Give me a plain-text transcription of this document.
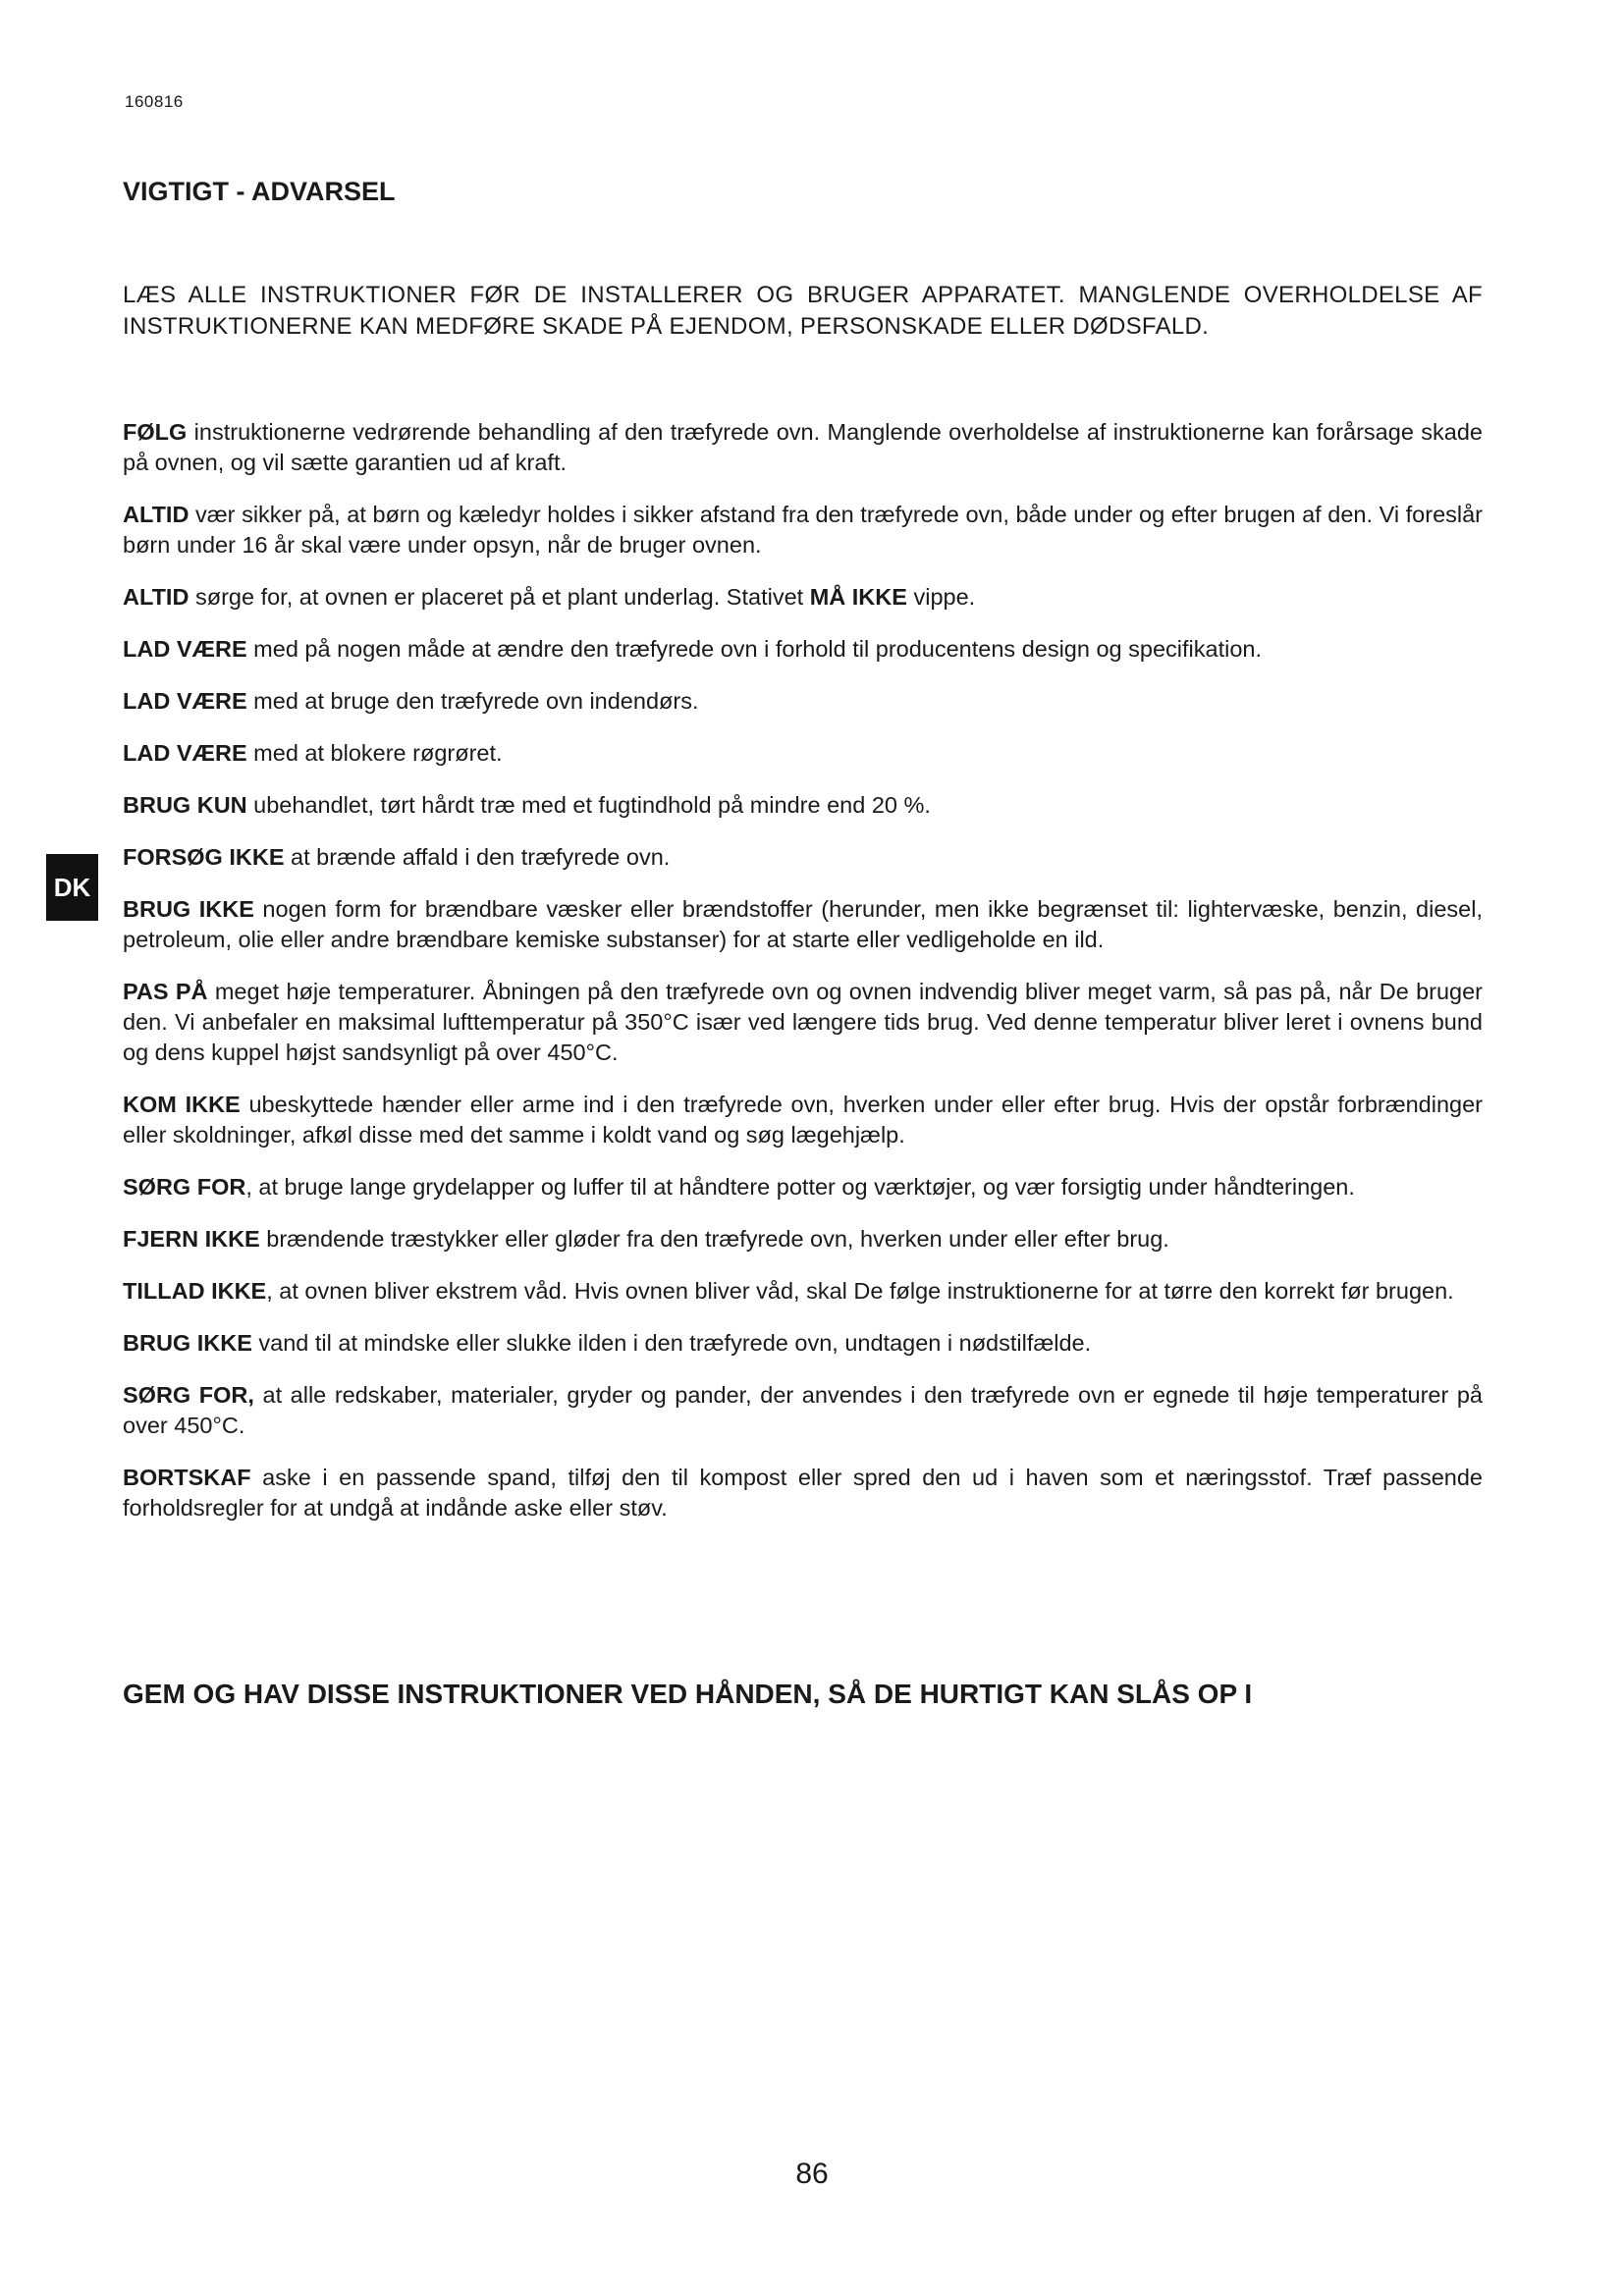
160816
VIGTIGT - ADVARSEL

LÆS ALLE INSTRUKTIONER FØR DE INSTALLERER OG BRUGER APPARATET. MANGLENDE OVERHOLDELSE AF INSTRUKTIONERNE KAN MEDFØRE SKADE PÅ EJENDOM, PERSONSKADE ELLER DØDSFALD.

DK
FØLG instruktionerne vedrørende behandling af den træfyrede ovn. Manglende overholdelse af instruktionerne kan forårsage skade på ovnen, og vil sætte garantien ud af kraft.
ALTID vær sikker på, at børn og kæledyr holdes i sikker afstand fra den træfyrede ovn, både under og efter brugen af den. Vi foreslår børn under 16 år skal være under opsyn, når de bruger ovnen.
ALTID sørge for, at ovnen er placeret på et plant underlag. Stativet MÅ IKKE vippe.
LAD VÆRE med på nogen måde at ændre den træfyrede ovn i forhold til producentens design og specifikation.
LAD VÆRE med at bruge den træfyrede ovn indendørs.
LAD VÆRE med at blokere røgrøret.
BRUG KUN ubehandlet, tørt hårdt træ med et fugtindhold på mindre end 20 %.
FORSØG IKKE at brænde affald i den træfyrede ovn.
BRUG IKKE nogen form for brændbare væsker eller brændstoffer (herunder, men ikke begrænset til: lightervæske, benzin, diesel, petroleum, olie eller andre brændbare kemiske substanser) for at starte eller vedligeholde en ild.
PAS PÅ meget høje temperaturer. Åbningen på den træfyrede ovn og ovnen indvendig bliver meget varm, så pas på, når De bruger den. Vi anbefaler en maksimal lufttemperatur på 350°C især ved længere tids brug. Ved denne temperatur bliver leret i ovnens bund og dens kuppel højst sandsynligt på over 450°C.
KOM IKKE ubeskyttede hænder eller arme ind i den træfyrede ovn, hverken under eller efter brug. Hvis der opstår forbrændinger eller skoldninger, afkøl disse med det samme i koldt vand og søg lægehjælp.
SØRG FOR, at bruge lange grydelapper og luffer til at håndtere potter og værktøjer, og vær forsigtig under håndteringen.
FJERN IKKE brændende træstykker eller gløder fra den træfyrede ovn, hverken under eller efter brug.
TILLAD IKKE, at ovnen bliver ekstrem våd. Hvis ovnen bliver våd, skal De følge instruktionerne for at tørre den korrekt før brugen.
BRUG IKKE vand til at mindske eller slukke ilden i den træfyrede ovn, undtagen i nødstilfælde.
SØRG FOR, at alle redskaber, materialer, gryder og pander, der anvendes i den træfyrede ovn er egnede til høje temperaturer på over 450°C.
BORTSKAF aske i en passende spand, tilføj den til kompost eller spred den ud i haven som et næringsstof. Træf passende forholdsregler for at undgå at indånde aske eller støv.
GEM OG HAV DISSE INSTRUKTIONER VED HÅNDEN, SÅ DE HURTIGT KAN SLÅS OP I
86
